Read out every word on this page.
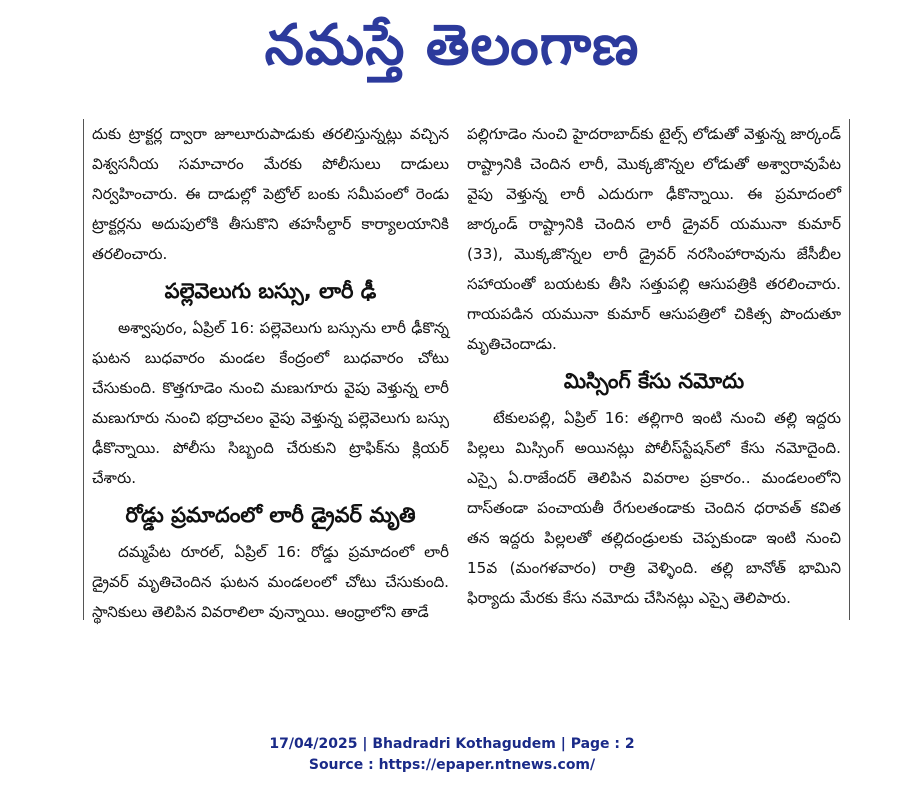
నమస్తే తెలంగాణ

దుకు ట్రాక్టర్ల ద్వారా జూలూరుపాడుకు తరలిస్తున్నట్లు వచ్చిన విశ్వసనీయ సమాచారం మేరకు పోలీసులు దాడులు నిర్వహించారు. ఈ దాడుల్లో పెట్రోల్ బంకు సమీపంలో రెండు ట్రాక్టర్లను అదుపులోకి తీసుకొని తహసీల్దార్ కార్యాలయానికి తరలించారు.

పల్లెవెలుగు బస్సు, లారీ ఢీ

అశ్వాపురం, ఏప్రిల్ 16: పల్లెవెలుగు బస్సును లారీ ఢీకొన్న ఘటన బుధవారం మండల కేంద్రంలో బుధవారం చోటు చేసుకుంది. కొత్తగూడెం నుంచి మణుగూరు వైపు వెళ్తున్న లారీ మణుగూరు నుంచి భద్రాచలం వైపు వెళ్తున్న పల్లెవెలుగు బస్సు ఢీకొన్నాయి. పోలీసు సిబ్బంది చేరుకుని ట్రాఫిక్‌ను క్లియర్ చేశారు.

రోడ్డు ప్రమాదంలో లారీ డ్రైవర్ మృతి

దమ్మపేట రూరల్, ఏప్రిల్ 16: రోడ్డు ప్రమాదంలో లారీ డ్రైవర్ మృతిచెందిన ఘటన మండలంలో చోటు చేసుకుంది. స్థానికులు తెలిపిన వివరాలిలా వున్నాయి. ఆంధ్రాలోని తాడే

పల్లిగూడెం నుంచి హైదరాబాద్‌కు టైల్స్ లోడుతో వెళ్తున్న జార్కండ్ రాష్ట్రానికి చెందిన లారీ, మొక్కజొన్నల లోడుతో అశ్వారావుపేట వైపు వెళ్తున్న లారీ ఎదురుగా ఢీకొన్నాయి. ఈ ప్రమాదంలో జార్కండ్ రాష్ట్రానికి చెందిన లారీ డ్రైవర్ యమునా కుమార్ (33), మొక్కజొన్నల లారీ డ్రైవర్ నరసింహారావును జేసీబీల సహాయంతో బయటకు తీసి సత్తుపల్లి ఆసుపత్రికి తరలించారు. గాయపడిన యమునా కుమార్ ఆసుపత్రిలో చికిత్స పొందుతూ మృతిచెందాడు.

మిస్సింగ్ కేసు నమోదు

టేకులపల్లి, ఏప్రిల్ 16: తల్లిగారి ఇంటి నుంచి తల్లి ఇద్దరు పిల్లలు మిస్సింగ్ అయినట్లు పోలీస్‌స్టేషన్‌లో కేసు నమోదైంది. ఎస్సై ఏ.రాజేందర్ తెలిపిన వివరాల ప్రకారం.. మండలంలోని దాస్‌తండా పంచాయతీ రేగులతండాకు చెందిన ధరావత్ కవిత తన ఇద్దరు పిల్లలతో తల్లిదండ్రులకు చెప్పకుండా ఇంటి నుంచి 15వ (మంగళవారం) రాత్రి వెళ్ళింది. తల్లి బానోత్ భామిని ఫిర్యాదు మేరకు కేసు నమోదు చేసినట్లు ఎస్సై తెలిపారు.

17/04/2025 | Bhadradri Kothagudem | Page : 2
Source : https://epaper.ntnews.com/
